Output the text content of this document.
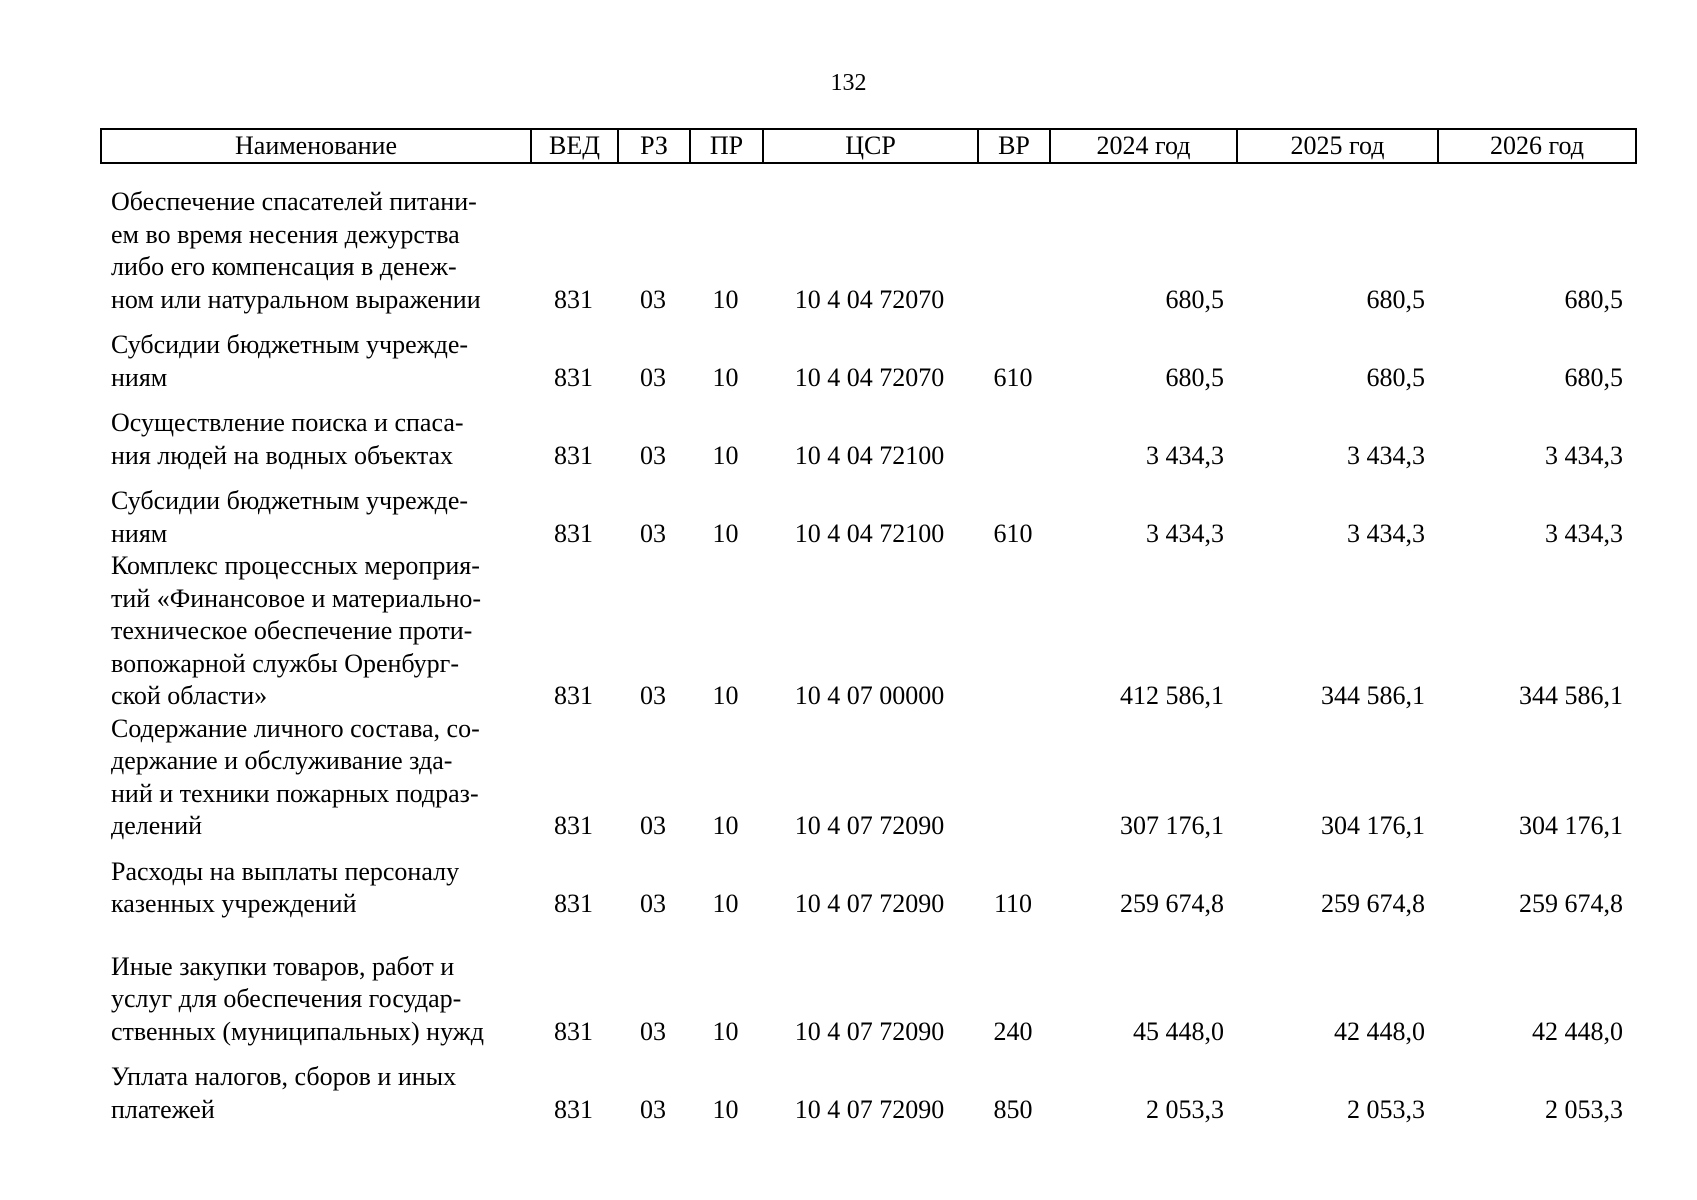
132
Наименование	ВЕД	РЗ	ПР	ЦСР	ВР	2024 год	2025 год	2026 год
Обеспечение спасателей питани-
ем во время несения дежурства
либо его компенсация в денеж-
ном или натуральном выражении	831	03	10	10 4 04 72070		680,5	680,5	680,5

Субсидии бюджетным учрежде-
ниям	831	03	10	10 4 04 72070	610	680,5	680,5	680,5

Осуществление поиска и спаса-
ния людей на водных объектах	831	03	10	10 4 04 72100		3 434,3	3 434,3	3 434,3

Субсидии бюджетным учрежде-
ниям	831	03	10	10 4 04 72100	610	3 434,3	3 434,3	3 434,3
Комплекс процессных мероприя-
тий «Финансовое и материально-
техническое обеспечение проти-
вопожарной службы Оренбург-
ской области»	831	03	10	10 4 07 00000		412 586,1	344 586,1	344 586,1
Содержание личного состава, со-
держание и обслуживание зда-
ний и техники пожарных подраз-
делений	831	03	10	10 4 07 72090		307 176,1	304 176,1	304 176,1

Расходы на выплаты персоналу
казенных учреждений	831	03	10	10 4 07 72090	110	259 674,8	259 674,8	259 674,8

Иные закупки товаров, работ и
услуг для обеспечения государ-
ственных (муниципальных) нужд	831	03	10	10 4 07 72090	240	45 448,0	42 448,0	42 448,0

Уплата налогов, сборов и иных
платежей	831	03	10	10 4 07 72090	850	2 053,3	2 053,3	2 053,3
